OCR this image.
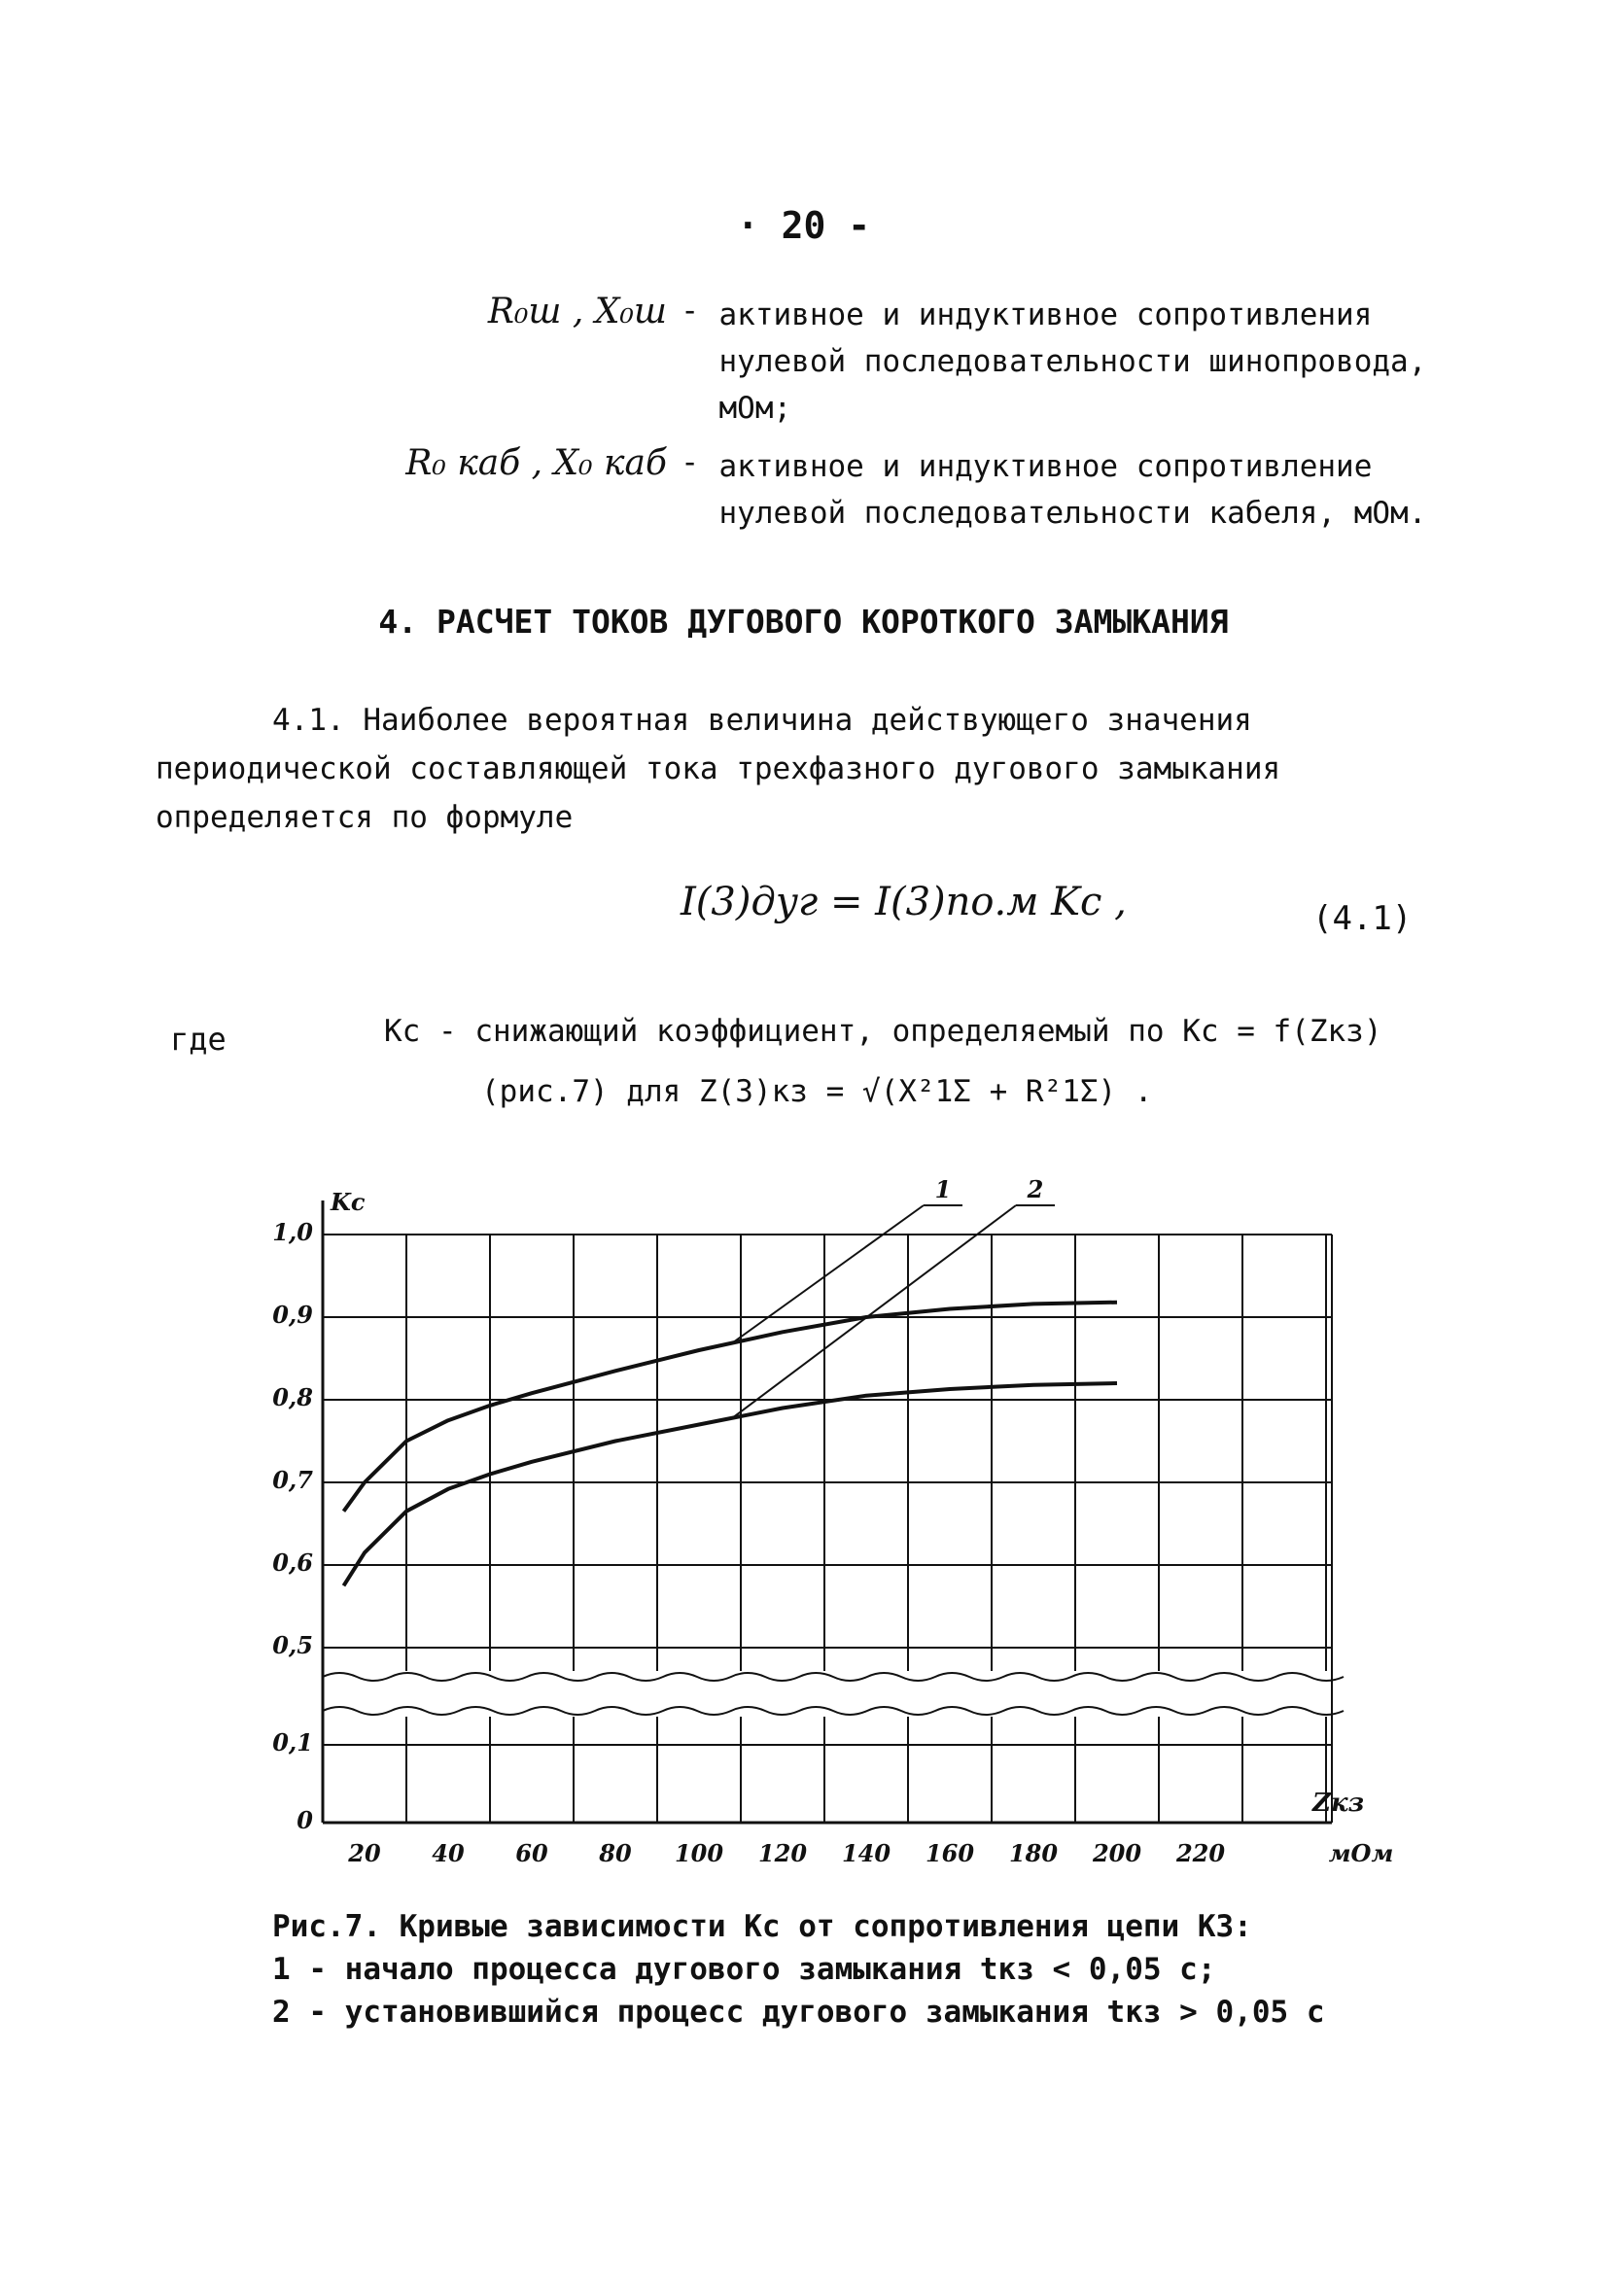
· 20 -
R₀ш , X₀ш - активное и индуктивное сопротивления нулевой последовательности шинопровода, мОм;
R₀ каб , X₀ каб - активное и индуктивное сопротивление нулевой последовательности кабеля, мОм.
4. РАСЧЕТ ТОКОВ ДУГОВОГО КОРОТКОГО ЗАМЫКАНИЯ
4.1. Наиболее вероятная величина действующего значения периодической составляющей тока трехфазного дугового замыкания определяется по формуле
I(3)дуг = I(3)по.м Kc ,	(4.1)
где	Kc - снижающий коэффициент, определяемый по Kc = f(Zкз)
(рис.7) для Z(3)кз = √(X²1Σ + R²1Σ) .
0
0,1
0,5
0,6
0,7
0,8
0,9
1,0
Kc
20 40 60 80 100 120 140 160 180 200 220	мОм
Zкз
1	2
Рис.7. Кривые зависимости Kc от сопротивления цепи КЗ:
1 - начало процесса дугового замыкания tкз < 0,05 с;
2 - установившийся процесс дугового замыкания tкз > 0,05 с
